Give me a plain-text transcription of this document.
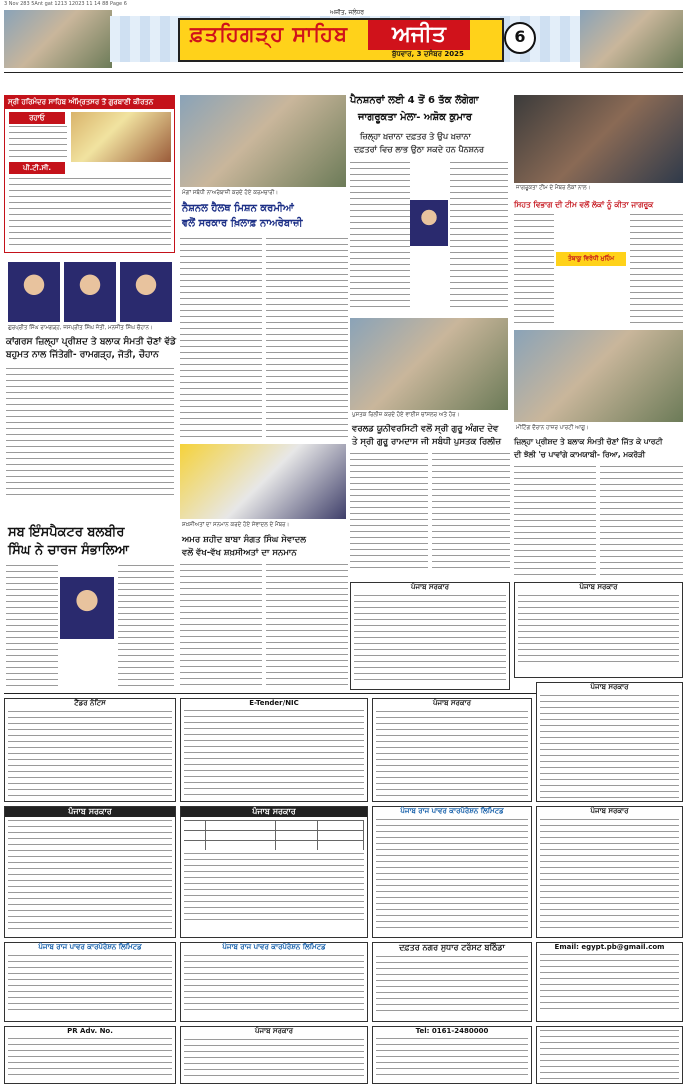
3 Nov 283 5Ant gat 1213 12023 11 14 88 Page 6
ਅਜੀਤ, ਜਲੰਧਰ
ਫ਼ਤਹਿਗੜ੍ਹ ਸਾਹਿਬ	ਅਜੀਤ
ਬੁੱਧਵਾਰ, 3 ਦਸੰਬਰ 2025
6
ਸ੍ਰੀ ਹਰਿਮੰਦਰ ਸਾਹਿਬ ਅੰਮ੍ਰਿਤਸਰ ਤੋਂ ਗੁਰਬਾਣੀ ਕੀਰਤਨ
ਰਹਾਓ
ਪੀ.ਟੀ.ਸੀ.
ਗੁਰਪ੍ਰੀਤ ਸਿੰਘ ਰਾਮਗੜ੍ਹ, ਜਸਪ੍ਰੀਤ ਸਿੰਘ ਜੋਤੀ, ਮਨਜੀਤ ਸਿੰਘ ਚੌਹਾਨ।
ਕਾਂਗਰਸ ਜ਼ਿਲ੍ਹਾ ਪ੍ਰੀਸ਼ਦ ਤੇ ਬਲਾਕ ਸੰਮਤੀ ਚੋਣਾਂ ਵੱਡੇ
ਬਹੁਮਤ ਨਾਲ ਜਿੱਤੇਗੀ- ਰਾਮਗੜ੍ਹ, ਜੋਤੀ, ਚੌਹਾਨ
ਸਬ ਇੰਸਪੈਕਟਰ ਬਲਬੀਰ
ਸਿੰਘ ਨੇ ਚਾਰਜ ਸੰਭਾਲਿਆ
ਮੰਗਾਂ ਸਬੰਧੀ ਨਾਅਰੇਬਾਜ਼ੀ ਕਰਦੇ ਹੋਏ ਕਰਮਚਾਰੀ।
ਨੈਸ਼ਨਲ ਹੈਲਥ ਮਿਸ਼ਨ ਕਰਮੀਆਂ
ਵਲੋਂ ਸਰਕਾਰ ਖ਼ਿਲਾਫ਼ ਨਾਅਰੇਬਾਜ਼ੀ
ਸ਼ਖ਼ਸੀਅਤਾਂ ਦਾ ਸਨਮਾਨ ਕਰਦੇ ਹੋਏ ਸੇਵਾਦਲ ਦੇ ਮੈਂਬਰ।
ਅਮਰ ਸ਼ਹੀਦ ਬਾਬਾ ਸੰਗਤ ਸਿੰਘ ਸੇਵਾਦਲ
ਵਲੋਂ ਵੱਖ-ਵੱਖ ਸ਼ਖ਼ਸੀਅਤਾਂ ਦਾ ਸਨਮਾਨ
ਪੈਨਸ਼ਨਰਾਂ ਲਈ 4 ਤੋਂ 6 ਤੱਕ ਲੱਗੇਗਾ
ਜਾਗਰੂਕਤਾ ਮੇਲਾ- ਅਸ਼ੋਕ ਕੁਮਾਰ
ਜ਼ਿਲ੍ਹਾ ਖ਼ਜ਼ਾਨਾ ਦਫ਼ਤਰ ਤੇ ਉਪ ਖ਼ਜ਼ਾਨਾ
ਦਫ਼ਤਰਾਂ ਵਿਚ ਲਾਭ ਉਠਾ ਸਕਦੇ ਹਨ ਪੈਨਸ਼ਨਰ
ਪੁਸਤਕ ਰਿਲੀਜ਼ ਕਰਦੇ ਹੋਏ ਵਾਈਸ ਚਾਂਸਲਰ ਅਤੇ ਹੋਰ।
ਵਰਲਡ ਯੂਨੀਵਰਸਿਟੀ ਵਲੋਂ ਸ੍ਰੀ ਗੁਰੂ ਅੰਗਦ ਦੇਵ
ਤੇ ਸ੍ਰੀ ਗੁਰੂ ਰਾਮਦਾਸ ਜੀ ਸਬੰਧੀ ਪੁਸਤਕ ਰਿਲੀਜ਼
ਜਾਗਰੂਕਤਾ ਟੀਮ ਦੇ ਮੈਂਬਰ ਲੋਕਾਂ ਨਾਲ।
ਸਿਹਤ ਵਿਭਾਗ ਦੀ ਟੀਮ ਵਲੋਂ ਲੋਕਾਂ ਨੂੰ ਕੀਤਾ ਜਾਗਰੂਕ
ਤੰਬਾਕੂ ਵਿਰੋਧੀ ਮੁਹਿੰਮ
ਮੀਟਿੰਗ ਦੌਰਾਨ ਹਾਜ਼ਰ ਪਾਰਟੀ ਆਗੂ।
ਜ਼ਿਲ੍ਹਾ ਪ੍ਰੀਸ਼ਦ ਤੇ ਬਲਾਕ ਸੰਮਤੀ ਚੋਣਾਂ ਜਿੱਤ ਕੇ ਪਾਰਟੀ
ਦੀ ਝੋਲੀ 'ਚ ਪਾਵਾਂਗੇ ਕਾਮਯਾਬੀ- ਰਿਆ, ਮਕਰੋੜੀ
ਪੰਜਾਬ ਸਰਕਾਰ	ਪੰਜਾਬ ਸਰਕਾਰ
ਟੈਂਡਰ ਨੋਟਿਸ	E-Tender/NIC	ਪੰਜਾਬ ਸਰਕਾਰ
ਪੰਜਾਬ ਸਰਕਾਰ
ਪੰਜਾਬ ਸਰਕਾਰ	ਪੰਜਾਬ ਸਰਕਾਰ	ਪੰਜਾਬ ਰਾਜ ਪਾਵਰ ਕਾਰਪੋਰੇਸ਼ਨ ਲਿਮਿਟਡ	ਪੰਜਾਬ ਸਰਕਾਰ
ਪੰਜਾਬ ਰਾਜ ਪਾਵਰ ਕਾਰਪੋਰੇਸ਼ਨ ਲਿਮਿਟਡ	ਪੰਜਾਬ ਰਾਜ ਪਾਵਰ ਕਾਰਪੋਰੇਸ਼ਨ ਲਿਮਿਟਡ	ਦਫ਼ਤਰ ਨਗਰ ਸੁਧਾਰ ਟਰੱਸਟ ਬਠਿੰਡਾ	Email: egypt.pb@gmail.com
PR Adv. No.	ਪੰਜਾਬ ਸਰਕਾਰ	Tel: 0161-2480000
